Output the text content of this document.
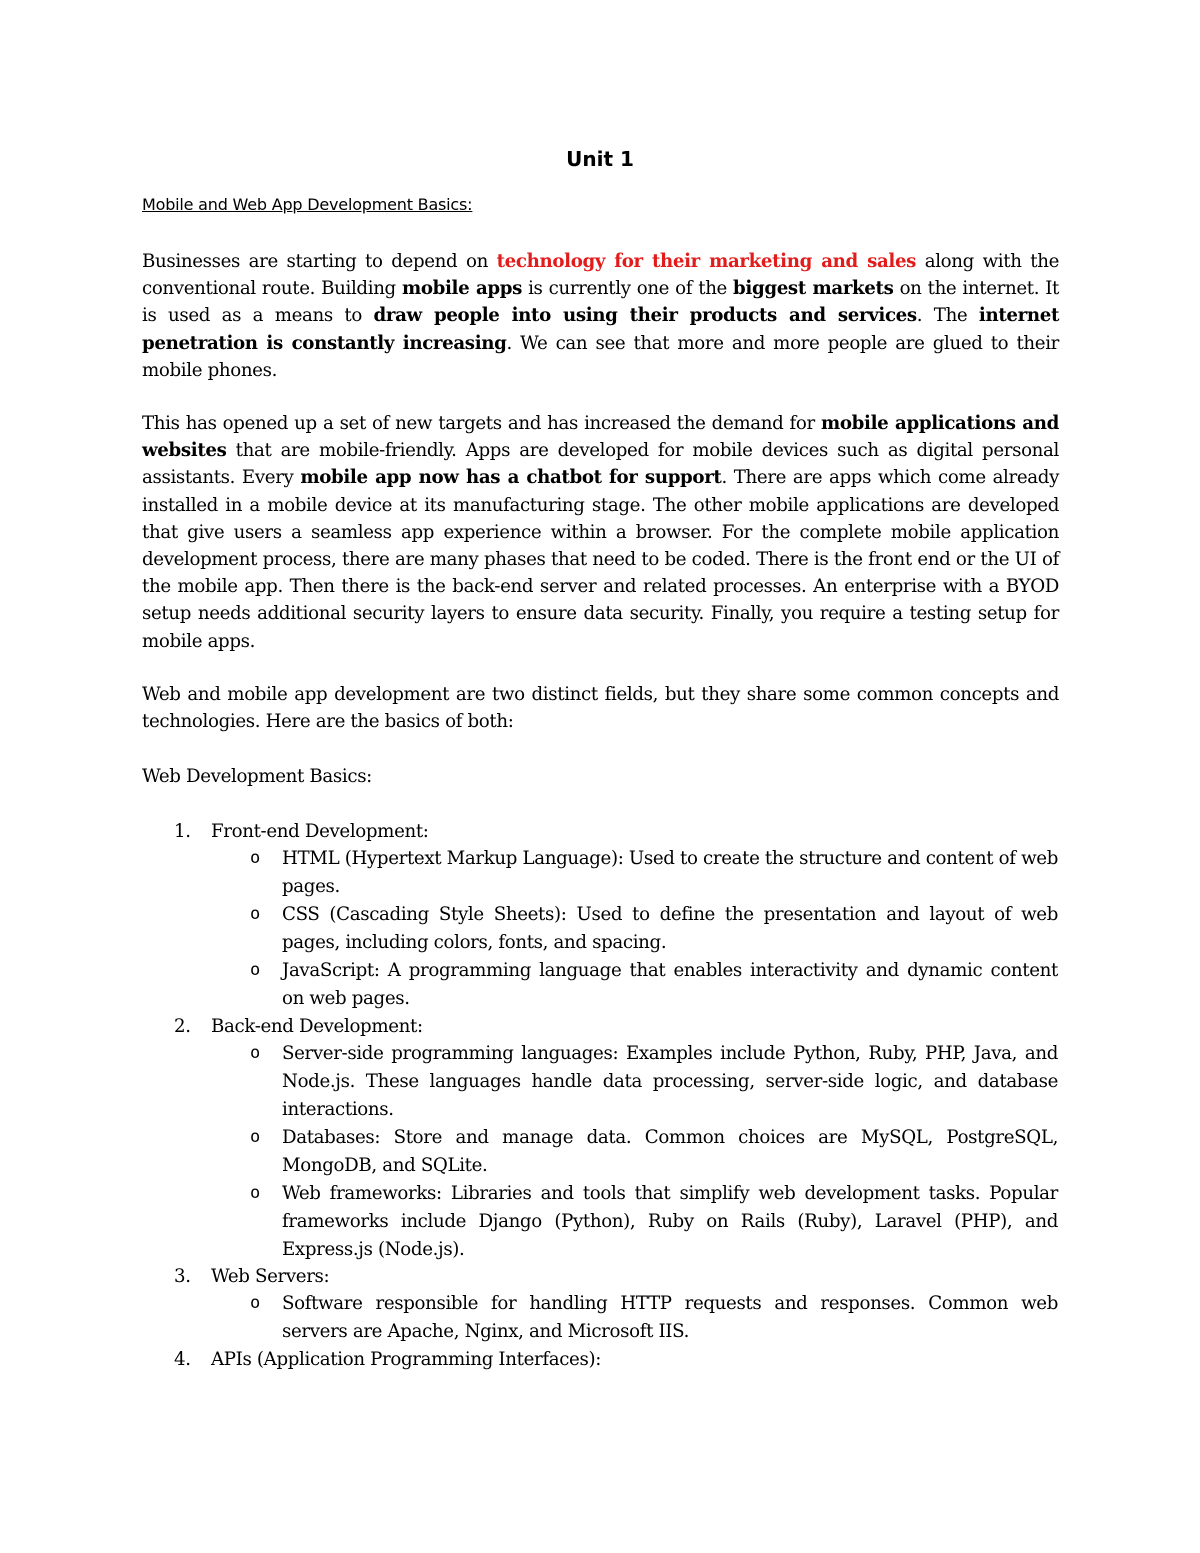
Unit 1
Mobile and Web App Development Basics:

Businesses are starting to depend on technology for their marketing and sales along with the conventional route. Building mobile apps is currently one of the biggest markets on the internet. It is used as a means to draw people into using their products and services. The internet penetration is constantly increasing. We can see that more and more people are glued to their mobile phones.

This has opened up a set of new targets and has increased the demand for mobile applications and websites that are mobile-friendly. Apps are developed for mobile devices such as digital personal assistants. Every mobile app now has a chatbot for support. There are apps which come already installed in a mobile device at its manufacturing stage. The other mobile applications are developed that give users a seamless app experience within a browser. For the complete mobile application development process, there are many phases that need to be coded. There is the front end or the UI of the mobile app. Then there is the back-end server and related processes. An enterprise with a BYOD setup needs additional security layers to ensure data security. Finally, you require a testing setup for mobile apps.

Web and mobile app development are two distinct fields, but they share some common concepts and technologies. Here are the basics of both:

Web Development Basics:
1.	Front-end Development:
o HTML (Hypertext Markup Language): Used to create the structure and content of web pages.
o CSS (Cascading Style Sheets): Used to define the presentation and layout of web pages, including colors, fonts, and spacing.
o JavaScript: A programming language that enables interactivity and dynamic content on web pages.
2.	Back-end Development:
o Server-side programming languages: Examples include Python, Ruby, PHP, Java, and Node.js. These languages handle data processing, server-side logic, and database interactions.
o Databases: Store and manage data. Common choices are MySQL, PostgreSQL, MongoDB, and SQLite.
o Web frameworks: Libraries and tools that simplify web development tasks. Popular frameworks include Django (Python), Ruby on Rails (Ruby), Laravel (PHP), and Express.js (Node.js).
3.	Web Servers:
o Software responsible for handling HTTP requests and responses. Common web servers are Apache, Nginx, and Microsoft IIS.
4.	APIs (Application Programming Interfaces):
